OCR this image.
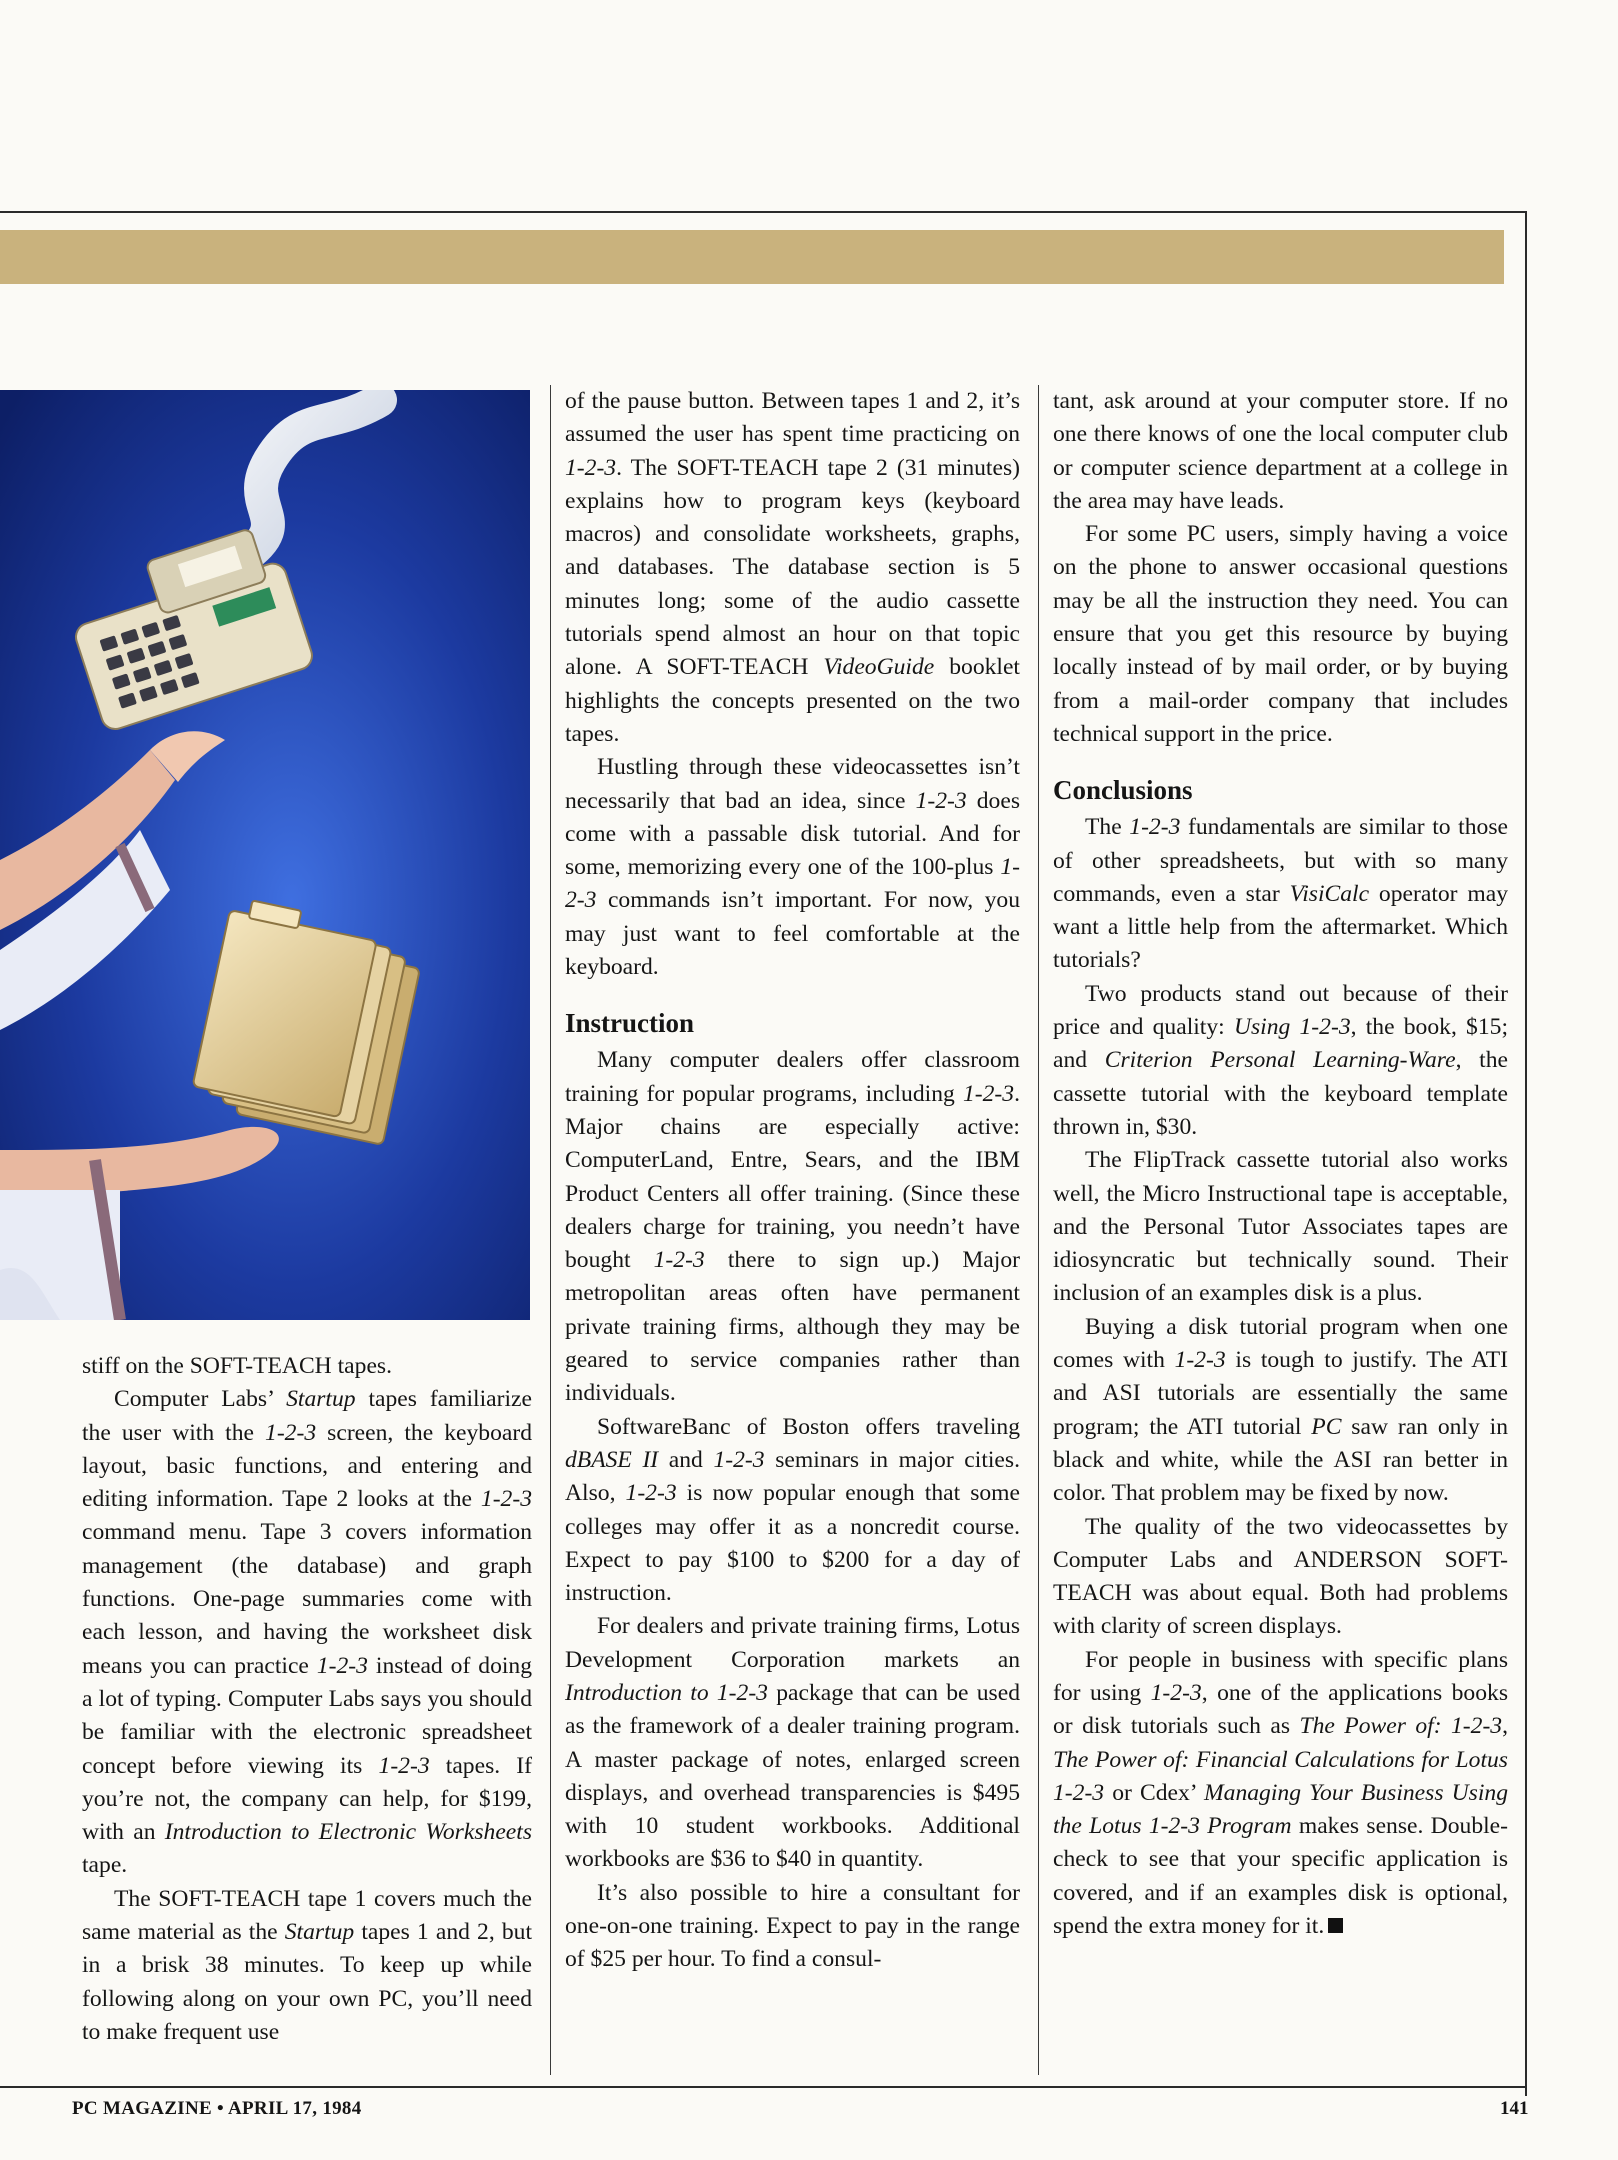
stiff on the SOFT-TEACH tapes.

Computer Labs’ Startup tapes familiarize the user with the 1-2-3 screen, the keyboard layout, basic functions, and entering and editing information. Tape 2 looks at the 1-2-3 command menu. Tape 3 covers information management (the database) and graph functions. One-page summaries come with each lesson, and having the worksheet disk means you can practice 1-2-3 instead of doing a lot of typing. Computer Labs says you should be familiar with the electronic spreadsheet concept before viewing its 1-2-3 tapes. If you’re not, the company can help, for $199, with an Introduction to Electronic Worksheets tape.

The SOFT-TEACH tape 1 covers much the same material as the Startup tapes 1 and 2, but in a brisk 38 minutes. To keep up while following along on your own PC, you’ll need to make frequent use

of the pause button. Between tapes 1 and 2, it’s assumed the user has spent time practicing on 1-2-3. The SOFT-TEACH tape 2 (31 minutes) explains how to program keys (keyboard macros) and consolidate worksheets, graphs, and databases. The database section is 5 minutes long; some of the audio cassette tutorials spend almost an hour on that topic alone. A SOFT-TEACH VideoGuide booklet highlights the concepts presented on the two tapes.

Hustling through these videocassettes isn’t necessarily that bad an idea, since 1-2-3 does come with a passable disk tutorial. And for some, memorizing every one of the 100-plus 1-2-3 commands isn’t important. For now, you may just want to feel comfortable at the keyboard.

Instruction

Many computer dealers offer classroom training for popular programs, including 1-2-3. Major chains are especially active: ComputerLand, Entre, Sears, and the IBM Product Centers all offer training. (Since these dealers charge for training, you needn’t have bought 1-2-3 there to sign up.) Major metropolitan areas often have permanent private training firms, although they may be geared to service companies rather than individuals.

SoftwareBanc of Boston offers traveling dBASE II and 1-2-3 seminars in major cities. Also, 1-2-3 is now popular enough that some colleges may offer it as a noncredit course. Expect to pay $100 to $200 for a day of instruction.

For dealers and private training firms, Lotus Development Corporation markets an Introduction to 1-2-3 package that can be used as the framework of a dealer training program. A master package of notes, enlarged screen displays, and overhead transparencies is $495 with 10 student workbooks. Additional workbooks are $36 to $40 in quantity.

It’s also possible to hire a consultant for one-on-one training. Expect to pay in the range of $25 per hour. To find a consul-

tant, ask around at your computer store. If no one there knows of one the local computer club or computer science department at a college in the area may have leads.

For some PC users, simply having a voice on the phone to answer occasional questions may be all the instruction they need. You can ensure that you get this resource by buying locally instead of by mail order, or by buying from a mail-order company that includes technical support in the price.

Conclusions

The 1-2-3 fundamentals are similar to those of other spreadsheets, but with so many commands, even a star VisiCalc operator may want a little help from the aftermarket. Which tutorials?

Two products stand out because of their price and quality: Using 1-2-3, the book, $15; and Criterion Personal Learning-Ware, the cassette tutorial with the keyboard template thrown in, $30.

The FlipTrack cassette tutorial also works well, the Micro Instructional tape is acceptable, and the Personal Tutor Associates tapes are idiosyncratic but technically sound. Their inclusion of an examples disk is a plus.

Buying a disk tutorial program when one comes with 1-2-3 is tough to justify. The ATI and ASI tutorials are essentially the same program; the ATI tutorial PC saw ran only in black and white, while the ASI ran better in color. That problem may be fixed by now.

The quality of the two videocassettes by Computer Labs and ANDERSON SOFT-TEACH was about equal. Both had problems with clarity of screen displays.

For people in business with specific plans for using 1-2-3, one of the applications books or disk tutorials such as The Power of: 1-2-3, The Power of: Financial Calculations for Lotus 1-2-3 or Cdex’ Managing Your Business Using the Lotus 1-2-3 Program makes sense. Double-check to see that your specific application is covered, and if an examples disk is optional, spend the extra money for it.

PC MAGAZINE • APRIL 17, 1984	141
